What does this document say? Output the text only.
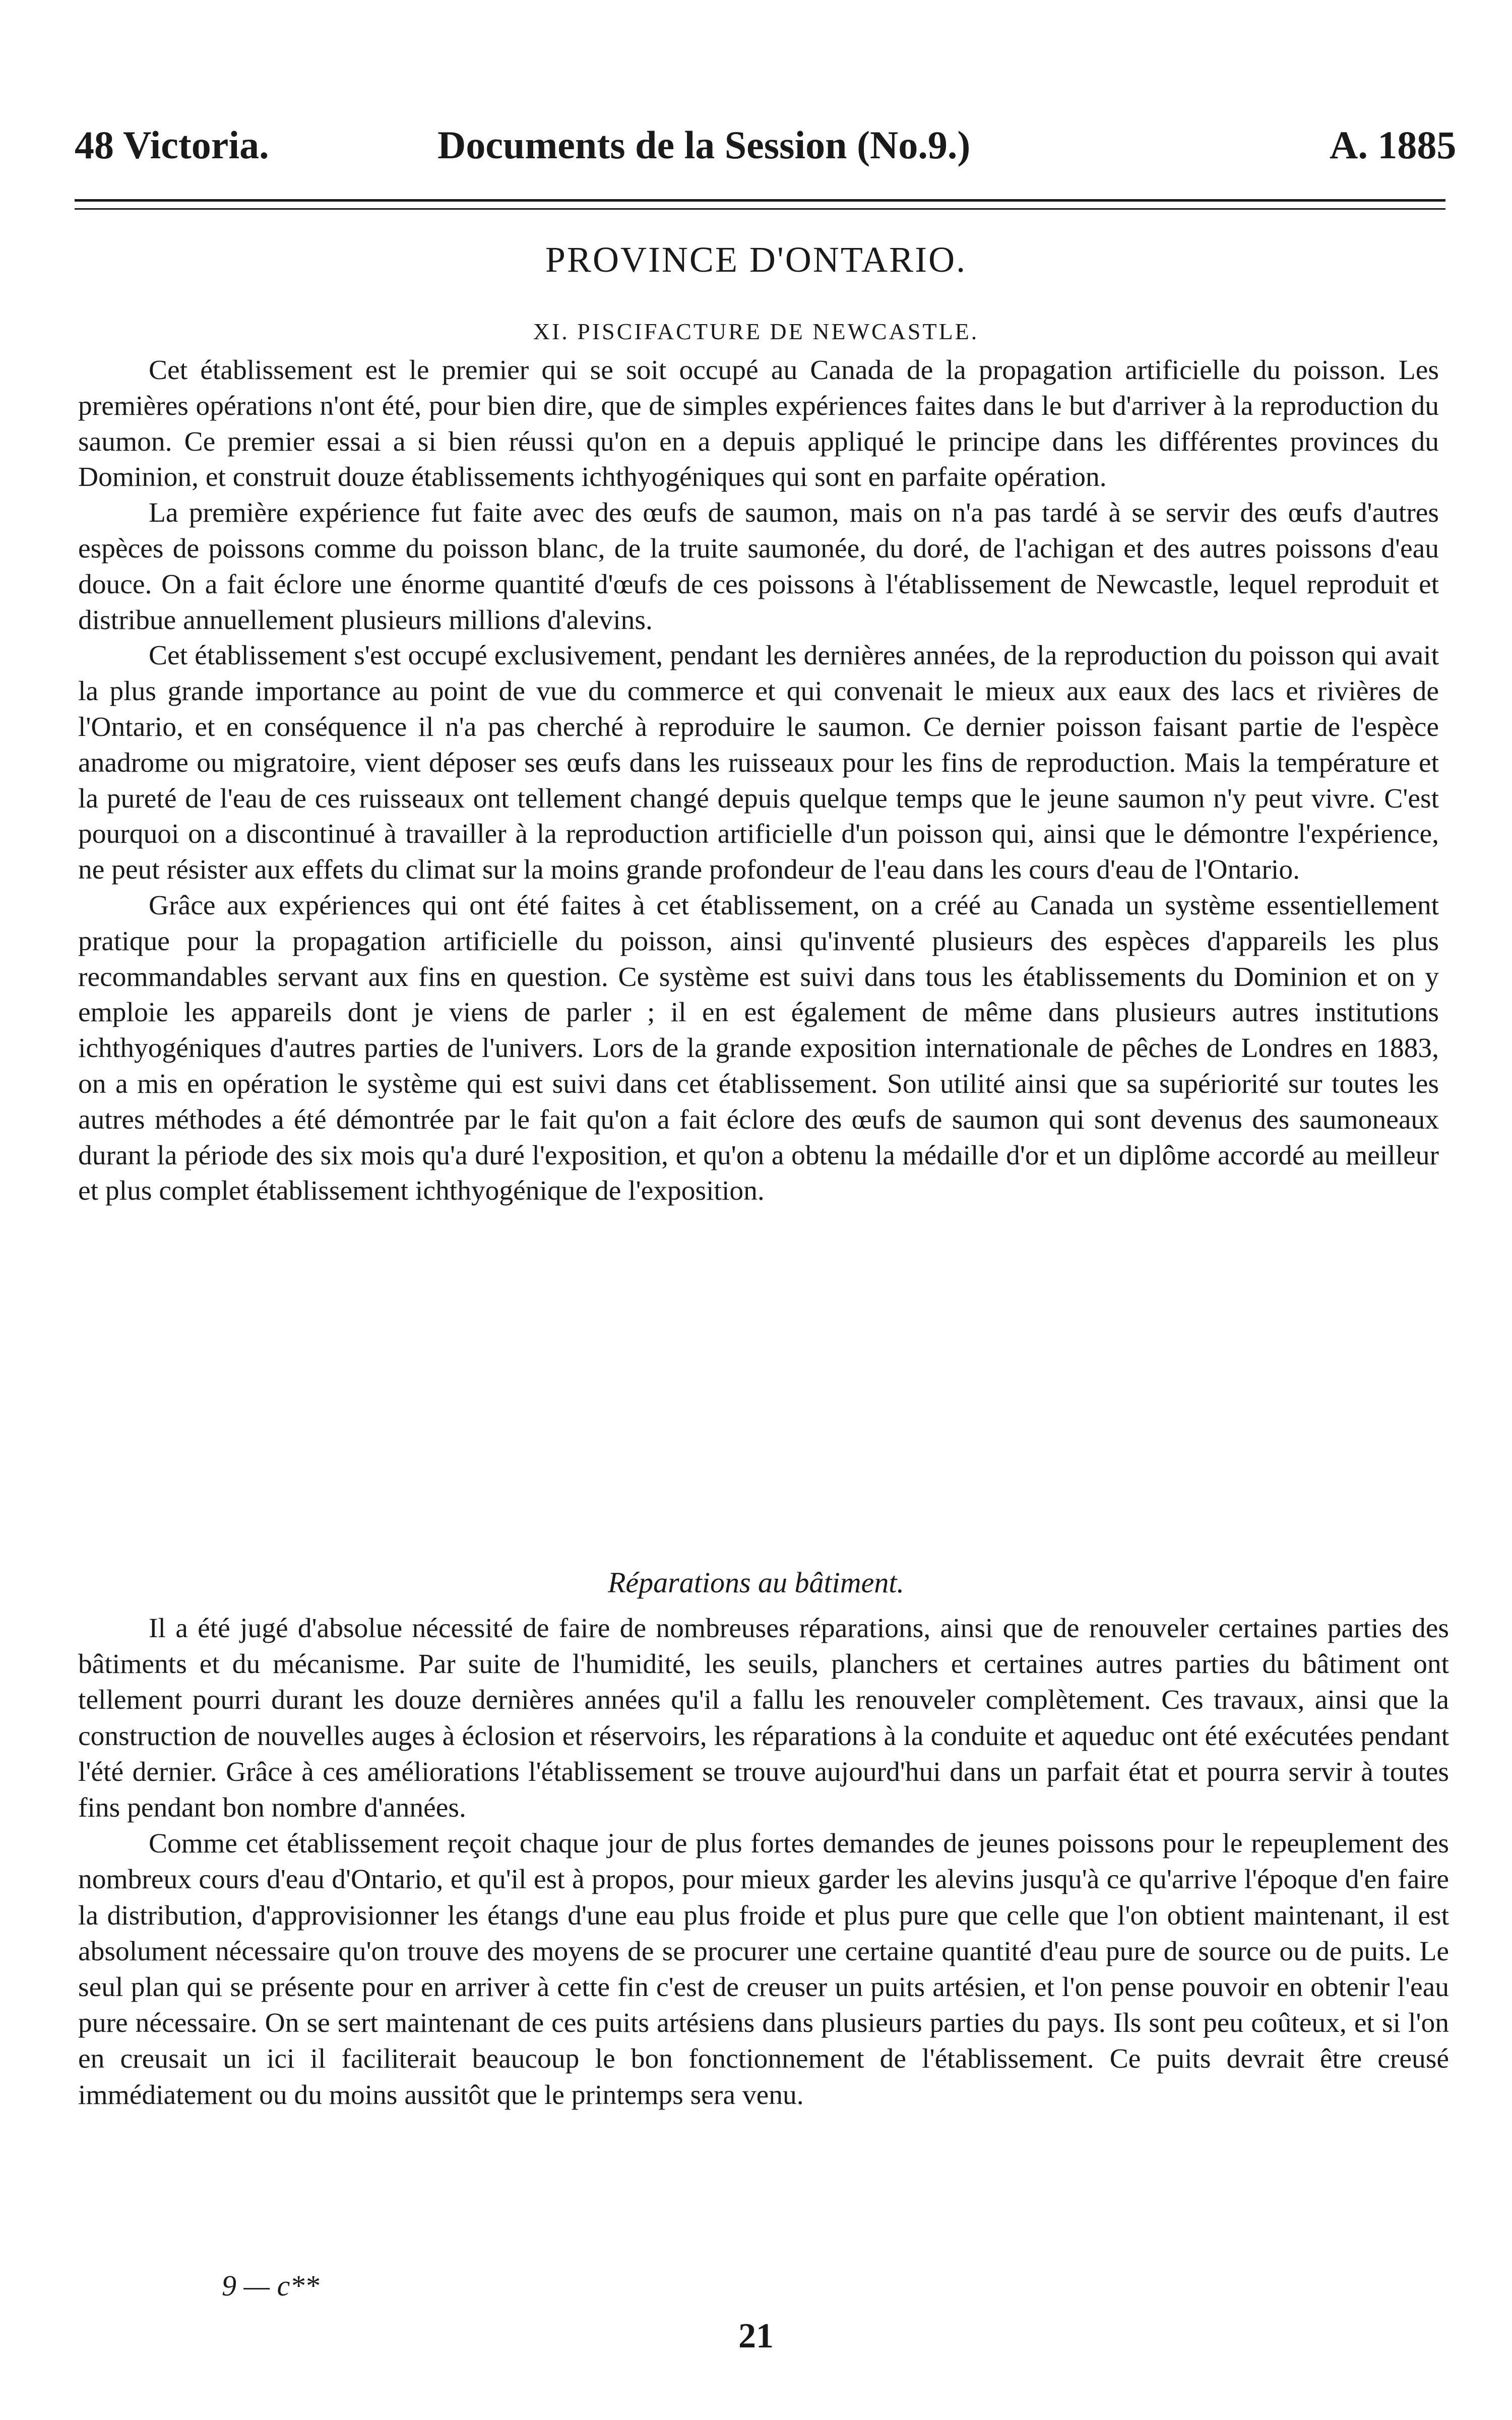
48 Victoria.	Documents de la Session (No.9.)	A. 1885
PROVINCE D'ONTARIO.
XI. PISCIFACTURE DE NEWCASTLE.

Cet établissement est le premier qui se soit occupé au Canada de la propagation artificielle du poisson. Les premières opérations n'ont été, pour bien dire, que de simples expériences faites dans le but d'arriver à la reproduction du saumon. Ce premier essai a si bien réussi qu'on en a depuis appliqué le principe dans les différentes provinces du Dominion, et construit douze établissements ichthyogéniques qui sont en parfaite opération.

La première expérience fut faite avec des œufs de saumon, mais on n'a pas tardé à se servir des œufs d'autres espèces de poissons comme du poisson blanc, de la truite saumonée, du doré, de l'achigan et des autres poissons d'eau douce. On a fait éclore une énorme quantité d'œufs de ces poissons à l'établissement de Newcastle, lequel reproduit et distribue annuellement plusieurs millions d'alevins.

Cet établissement s'est occupé exclusivement, pendant les dernières années, de la reproduction du poisson qui avait la plus grande importance au point de vue du commerce et qui convenait le mieux aux eaux des lacs et rivières de l'Ontario, et en conséquence il n'a pas cherché à reproduire le saumon. Ce dernier poisson faisant partie de l'espèce anadrome ou migratoire, vient déposer ses œufs dans les ruisseaux pour les fins de reproduction. Mais la température et la pureté de l'eau de ces ruisseaux ont tellement changé depuis quelque temps que le jeune saumon n'y peut vivre. C'est pourquoi on a discontinué à travailler à la reproduction artificielle d'un poisson qui, ainsi que le démontre l'expérience, ne peut résister aux effets du climat sur la moins grande profondeur de l'eau dans les cours d'eau de l'Ontario.

Grâce aux expériences qui ont été faites à cet établissement, on a créé au Canada un système essentiellement pratique pour la propagation artificielle du poisson, ainsi qu'inventé plusieurs des espèces d'appareils les plus recommandables servant aux fins en question. Ce système est suivi dans tous les établissements du Dominion et on y emploie les appareils dont je viens de parler ; il en est également de même dans plusieurs autres institutions ichthyogéniques d'autres parties de l'univers. Lors de la grande exposition internationale de pêches de Londres en 1883, on a mis en opération le système qui est suivi dans cet établissement. Son utilité ainsi que sa supériorité sur toutes les autres méthodes a été démontrée par le fait qu'on a fait éclore des œufs de saumon qui sont devenus des saumoneaux durant la période des six mois qu'a duré l'exposition, et qu'on a obtenu la médaille d'or et un diplôme accordé au meilleur et plus complet établissement ichthyogénique de l'exposition.

Réparations au bâtiment.

Il a été jugé d'absolue nécessité de faire de nombreuses réparations, ainsi que de renouveler certaines parties des bâtiments et du mécanisme. Par suite de l'humidité, les seuils, planchers et certaines autres parties du bâtiment ont tellement pourri durant les douze dernières années qu'il a fallu les renouveler complètement. Ces travaux, ainsi que la construction de nouvelles auges à éclosion et réservoirs, les réparations à la conduite et aqueduc ont été exécutées pendant l'été dernier. Grâce à ces améliorations l'établissement se trouve aujourd'hui dans un parfait état et pourra servir à toutes fins pendant bon nombre d'années.

Comme cet établissement reçoit chaque jour de plus fortes demandes de jeunes poissons pour le repeuplement des nombreux cours d'eau d'Ontario, et qu'il est à propos, pour mieux garder les alevins jusqu'à ce qu'arrive l'époque d'en faire la distribution, d'approvisionner les étangs d'une eau plus froide et plus pure que celle que l'on obtient maintenant, il est absolument nécessaire qu'on trouve des moyens de se procurer une certaine quantité d'eau pure de source ou de puits. Le seul plan qui se présente pour en arriver à cette fin c'est de creuser un puits artésien, et l'on pense pouvoir en obtenir l'eau pure nécessaire. On se sert maintenant de ces puits artésiens dans plusieurs parties du pays. Ils sont peu coûteux, et si l'on en creusait un ici il faciliterait beaucoup le bon fonctionnement de l'établissement. Ce puits devrait être creusé immédiatement ou du moins aussitôt que le printemps sera venu.

9 — c**
21
